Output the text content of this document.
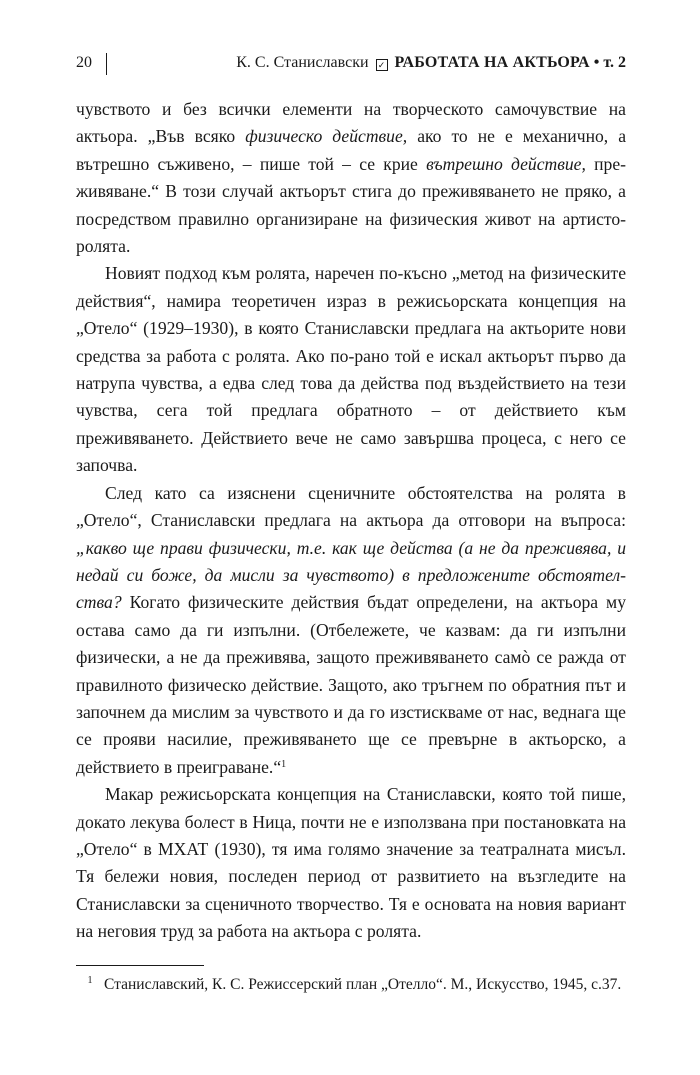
20	К. С. Станиславски ✓ РАБОТАТА НА АКТЬОРА • т. 2

чувството и без всички елементи на творческото самочувствие на актьора. „Във всяко физическо действие, ако то не е механично, а вътрешно съживено, – пише той – се крие вътрешно действие, преживяване.“ В този случай актьорът стига до преживяването не пряко, а посредством правилно организиране на физическия живот на артисто-ролята.

Новият подход към ролята, наречен по-късно „метод на физическите действия“, намира теоретичен израз в режисьорската концепция на „Отело“ (1929–1930), в която Станиславски предлага на актьорите нови средства за работа с ролята. Ако по-рано той е искал актьорът първо да натрупа чувства, а едва след това да действа под въздействието на тези чувства, сега той предлага обратното – от действието към преживяването. Действието вече не само завършва процеса, с него се започва.

След като са изяснени сценичните обстоятелства на ролята в „Отело“, Станиславски предлага на актьора да отговори на въпроса: „какво ще прави физически, т.е. как ще действа (а не да преживява, и недай си боже, да мисли за чувството) в предложените обстоятелства? Когато физическите действия бъдат определени, на актьора му остава само да ги изпълни. (Отбележете, че казвам: да ги изпълни физически, а не да преживява, защото преживяването самò се ражда от правилното физическо действие. Защото, ако тръгнем по обратния път и започнем да мислим за чувството и да го изстискваме от нас, веднага ще се прояви насилие, преживяването ще се превърне в актьорско, а действието в преиграване.“$^1$

Макар режисьорската концепция на Станиславски, която той пише, докато лекува болест в Ница, почти не е използвана при постановката на „Отело“ в МХАТ (1930), тя има голямо значение за театралната мисъл. Тя бележи новия, последен период от развитието на възгледите на Станиславски за сценичното творчество. Тя е основата на новия вариант на неговия труд за работа на актьора с ролята.

1 Станиславский, К. С. Режиссерский план „Отелло“. М., Искусство, 1945, с.37.
